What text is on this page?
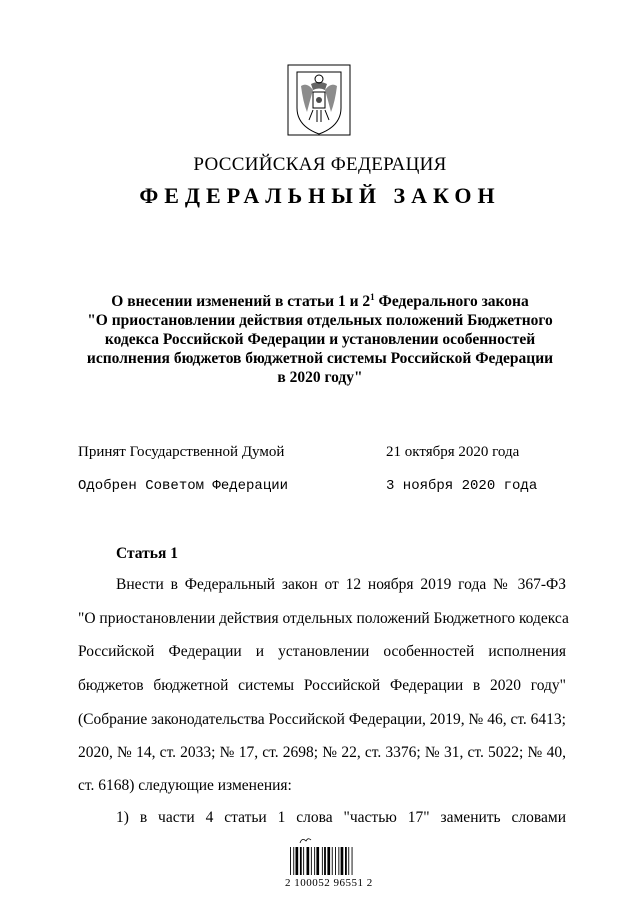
РОССИЙСКАЯ ФЕДЕРАЦИЯ
ФЕДЕРАЛЬНЫЙ ЗАКОН
О внесении изменений в статьи 1 и $2^1$ Федерального закона
"О приостановлении действия отдельных положений Бюджетного
кодекса Российской Федерации и установлении особенностей
исполнения бюджетов бюджетной системы Российской Федерации
в 2020 году"
Принят Государственной Думой	21 октября 2020 года
Одобрен Советом Федерации	3 ноября 2020 года
Статья 1
Внести в Федеральный закон от 12 ноября 2019 года № 367-ФЗ
"О приостановлении действия отдельных положений Бюджетного кодекса
Российской Федерации и установлении особенностей исполнения
бюджетов бюджетной системы Российской Федерации в 2020 году"
(Собрание законодательства Российской Федерации, 2019, № 46, ст. 6413;
2020, № 14, ст. 2033; № 17, ст. 2698; № 22, ст. 3376; № 31, ст. 5022; № 40,
ст. 6168) следующие изменения:
1) в части 4 статьи 1 слова "частью 17" заменить словами
2 100052 96551 2
